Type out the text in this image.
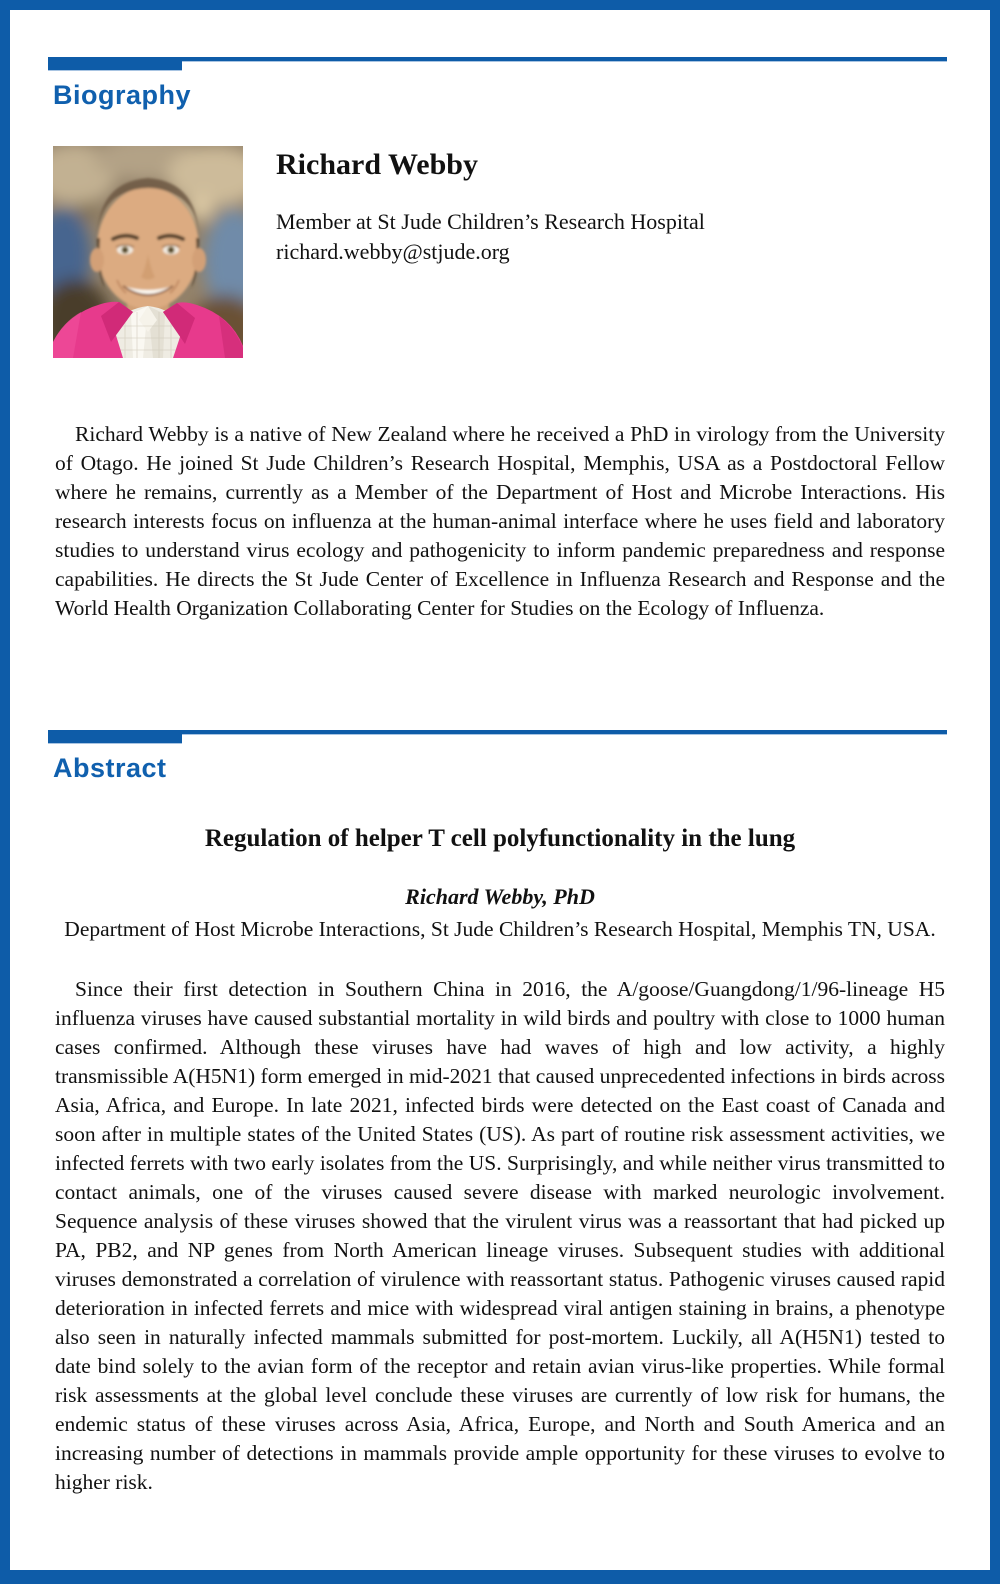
Biography
Richard Webby
Member at St Jude Children’s Research Hospital
richard.webby@stjude.org
Richard Webby is a native of New Zealand where he received a PhD in virology from the University of Otago. He joined St Jude Children’s Research Hospital, Memphis, USA as a Postdoctoral Fellow where he remains, currently as a Member of the Department of Host and Microbe Interactions. His research interests focus on influenza at the human-animal interface where he uses field and laboratory studies to understand virus ecology and pathogenicity to inform pandemic preparedness and response capabilities. He directs the St Jude Center of Excellence in Influenza Research and Response and the World Health Organization Collaborating Center for Studies on the Ecology of Influenza.
Abstract
Regulation of helper T cell polyfunctionality in the lung
Richard Webby, PhD
Department of Host Microbe Interactions, St Jude Children’s Research Hospital, Memphis TN, USA.
Since their first detection in Southern China in 2016, the A/goose/Guangdong/1/96-lineage H5 influenza viruses have caused substantial mortality in wild birds and poultry with close to 1000 human cases confirmed. Although these viruses have had waves of high and low activity, a highly transmissible A(H5N1) form emerged in mid-2021 that caused unprecedented infections in birds across Asia, Africa, and Europe. In late 2021, infected birds were detected on the East coast of Canada and soon after in multiple states of the United States (US). As part of routine risk assessment activities, we infected ferrets with two early isolates from the US. Surprisingly, and while neither virus transmitted to contact animals, one of the viruses caused severe disease with marked neurologic involvement. Sequence analysis of these viruses showed that the virulent virus was a reassortant that had picked up PA, PB2, and NP genes from North American lineage viruses. Subsequent studies with additional viruses demonstrated a correlation of virulence with reassortant status. Pathogenic viruses caused rapid deterioration in infected ferrets and mice with widespread viral antigen staining in brains, a phenotype also seen in naturally infected mammals submitted for post-mortem. Luckily, all A(H5N1) tested to date bind solely to the avian form of the receptor and retain avian virus-like properties. While formal risk assessments at the global level conclude these viruses are currently of low risk for humans, the endemic status of these viruses across Asia, Africa, Europe, and North and South America and an increasing number of detections in mammals provide ample opportunity for these viruses to evolve to higher risk.
